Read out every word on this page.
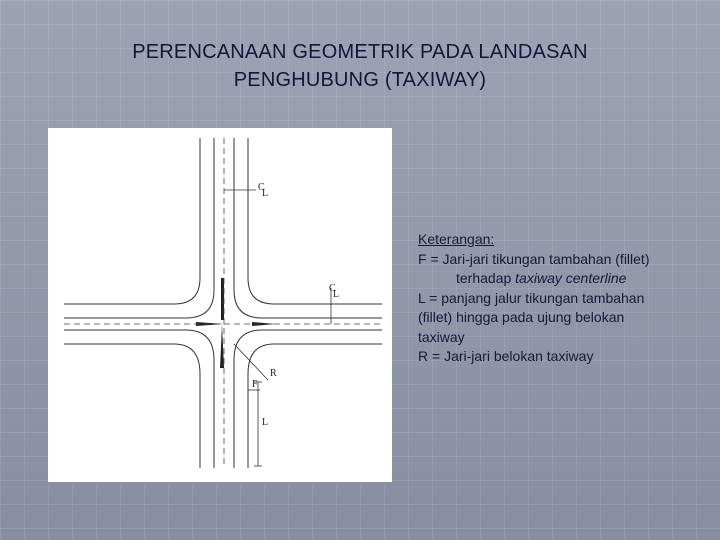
PERENCANAAN GEOMETRIK PADA LANDASAN
PENGHUBUNG (TAXIWAY)
C
L
C
L
R
F
L
Keterangan:
F = Jari-jari tikungan tambahan (fillet)
terhadap taxiway centerline
L = panjang jalur tikungan tambahan
(fillet) hingga pada ujung belokan
taxiway
R = Jari-jari belokan taxiway
